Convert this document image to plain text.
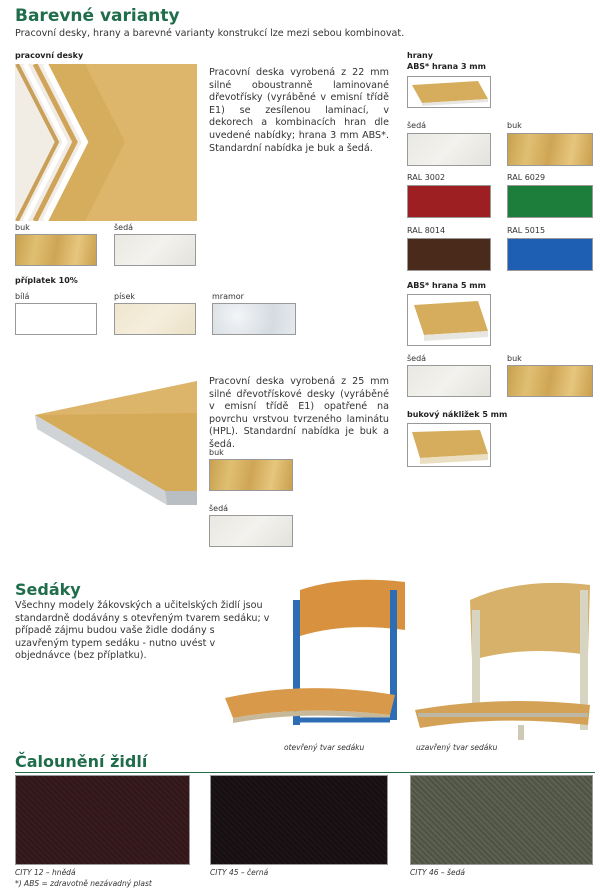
Barevné varianty
Pracovní desky, hrany a barevné varianty konstrukcí lze mezi sebou kombinovat.
pracovní desky
Pracovní deska vyrobená z 22 mm silné oboustranně laminované dřevotřísky (vyráběné v emisní třídě E1) se zesílenou laminací, v dekorech a kombinacích hran dle uvedené nabídky; hrana 3 mm ABS*. Standardní nabídka je buk a šedá.
buk	šedá
příplatek 10%
bílá	písek	mramor
Pracovní deska vyrobená z 25 mm silné dřevotřískové desky (vyráběné v emisní třídě E1) opatřené na povrchu vrstvou tvrzeného laminátu (HPL). Standardní nabídka je buk a šedá.
buk
šedá
hrany
ABS* hrana 3 mm
šedá	buk
RAL 3002	RAL 6029
RAL 8014	RAL 5015
ABS* hrana 5 mm
šedá	buk
bukový nákližek 5 mm
Sedáky
Všechny modely žákovských a učitelských židlí jsou standardně dodávány s otevřeným tvarem sedáku; v případě zájmu budou vaše židle dodány s uzavřeným typem sedáku - nutno uvést v objednávce (bez příplatku).
otevřený tvar sedáku	uzavřený tvar sedáku
Čalounění židlí
CITY 12 – hnědá
*) ABS = zdravotně nezávadný plast
CITY 45 – černá	CITY 46 – šedá
